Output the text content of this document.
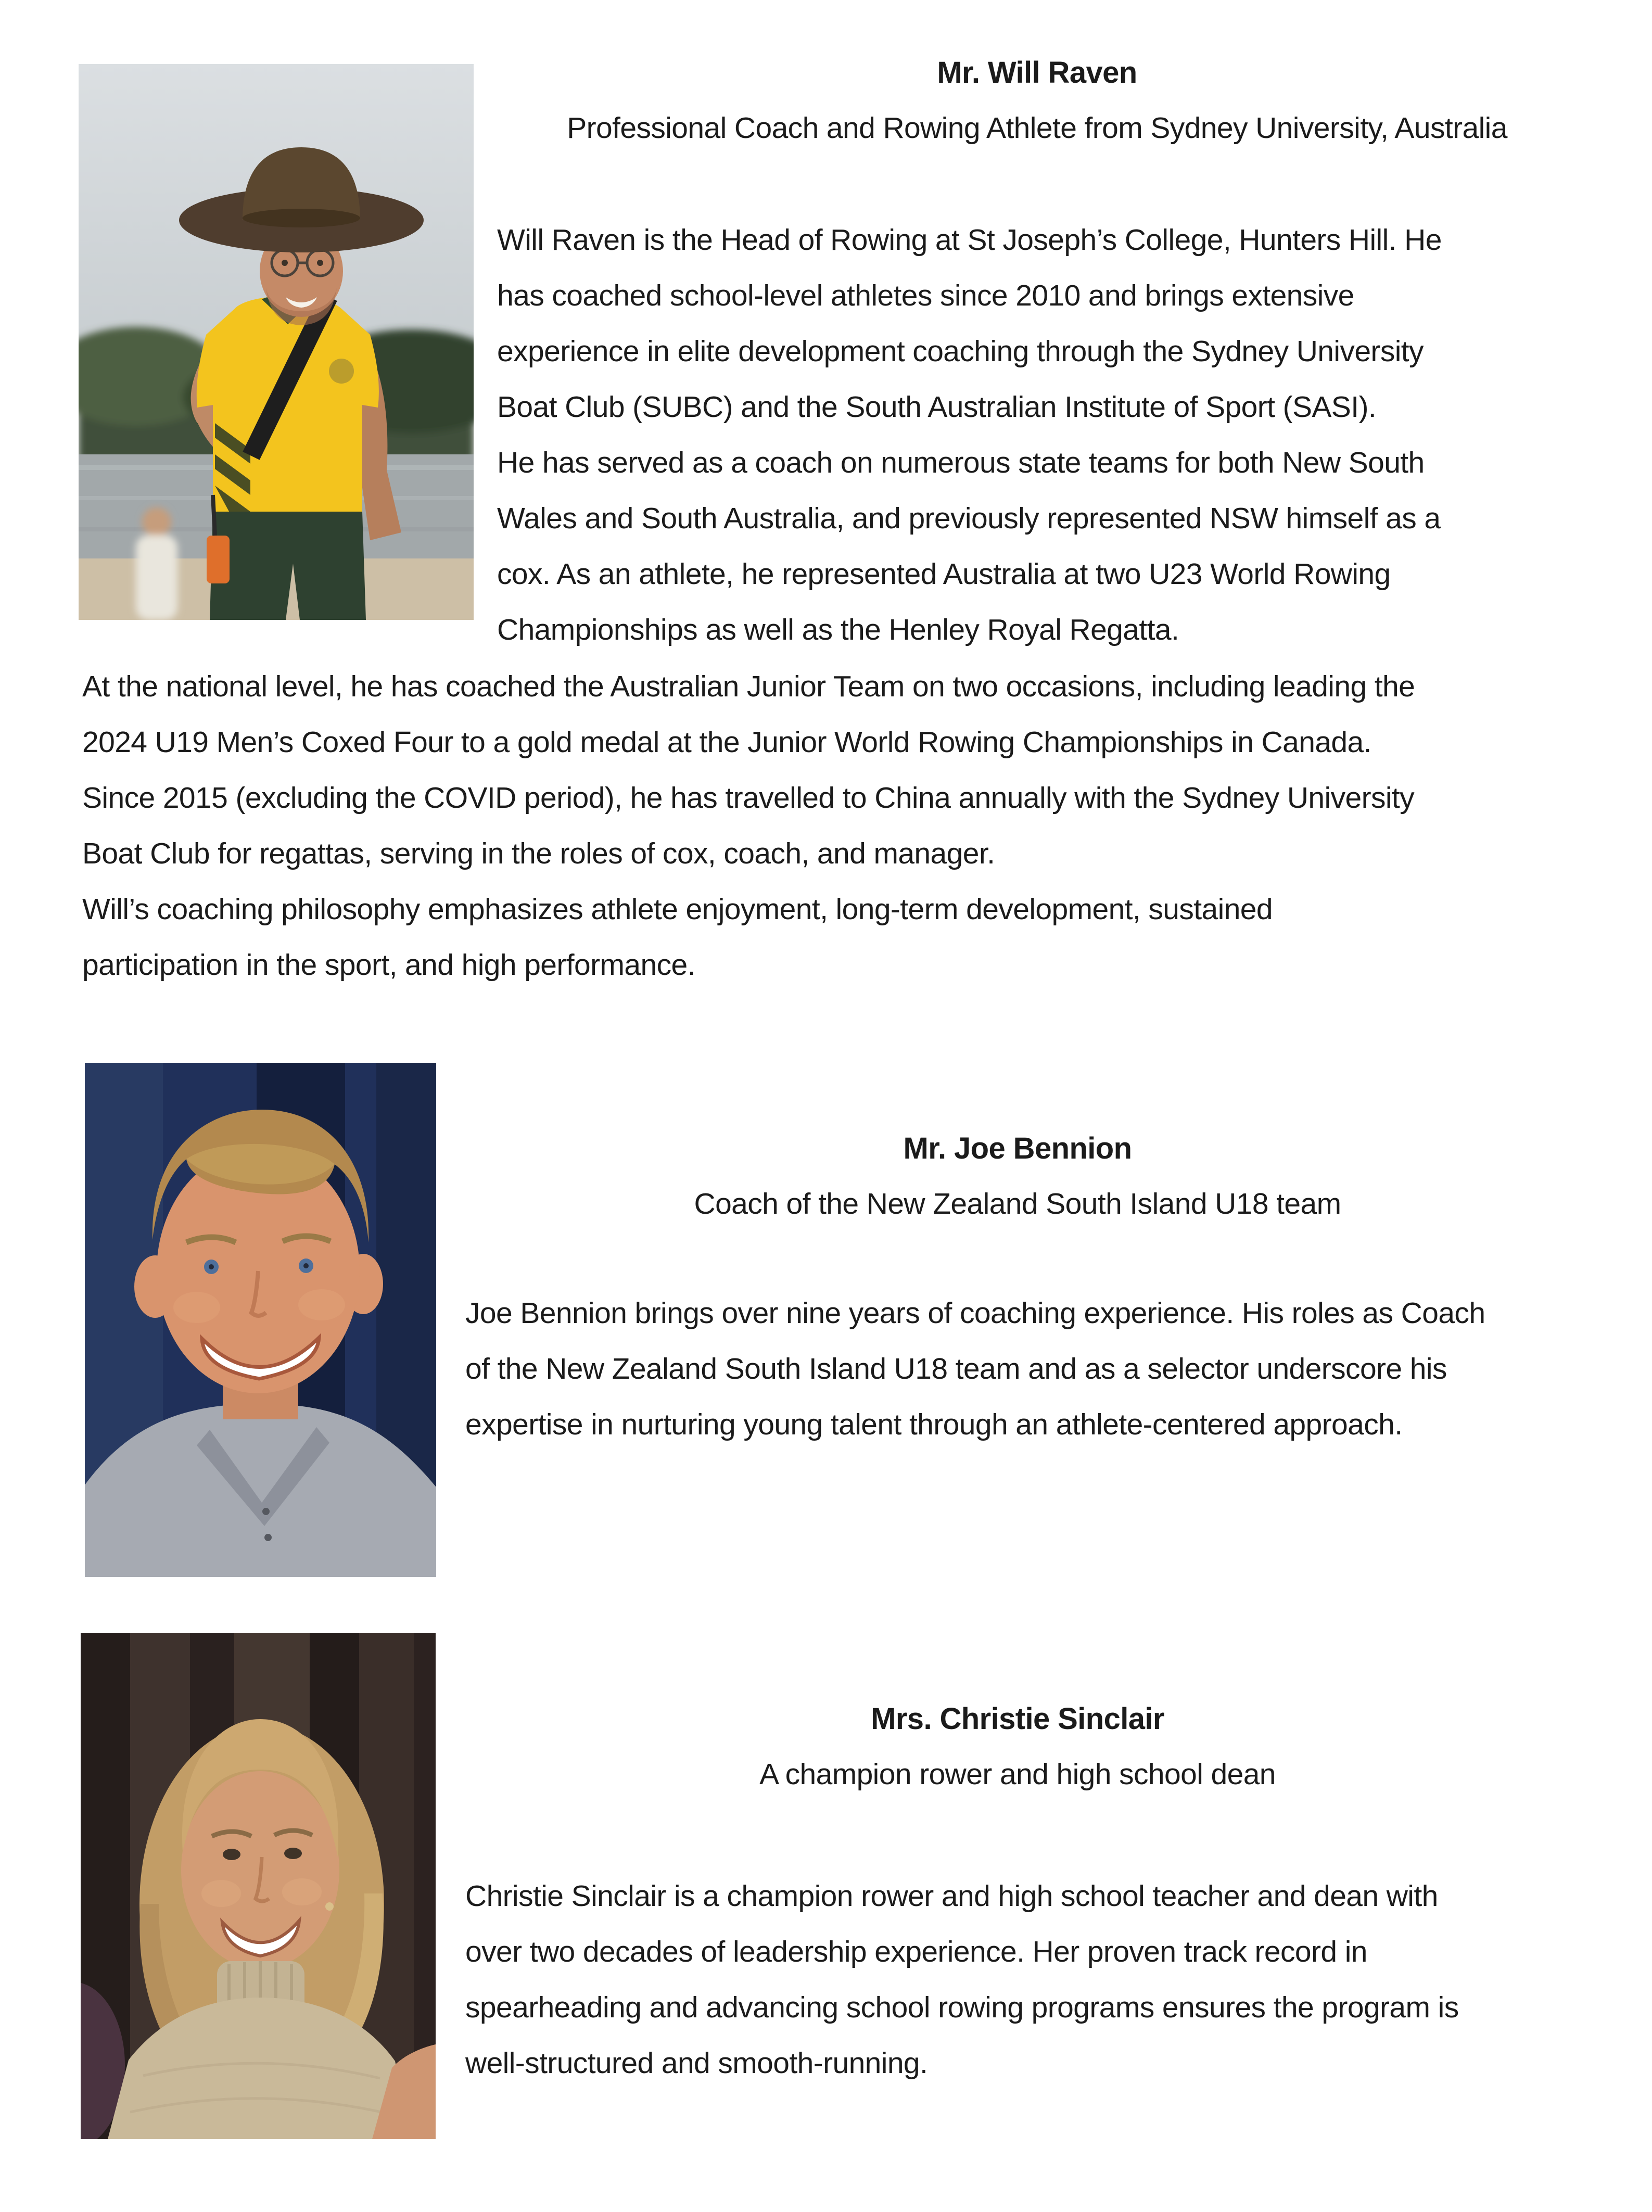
Mr. Will Raven
Professional Coach and Rowing Athlete from Sydney University, Australia
Will Raven is the Head of Rowing at St Joseph’s College, Hunters Hill. He
has coached school-level athletes since 2010 and brings extensive
experience in elite development coaching through the Sydney University
Boat Club (SUBC) and the South Australian Institute of Sport (SASI).
He has served as a coach on numerous state teams for both New South
Wales and South Australia, and previously represented NSW himself as a
cox. As an athlete, he represented Australia at two U23 World Rowing
Championships as well as the Henley Royal Regatta.
At the national level, he has coached the Australian Junior Team on two occasions, including leading the
2024 U19 Men’s Coxed Four to a gold medal at the Junior World Rowing Championships in Canada.
Since 2015 (excluding the COVID period), he has travelled to China annually with the Sydney University
Boat Club for regattas, serving in the roles of cox, coach, and manager.
Will’s coaching philosophy emphasizes athlete enjoyment, long-term development, sustained
participation in the sport, and high performance.
Mr. Joe Bennion
Coach of the New Zealand South Island U18 team
Joe Bennion brings over nine years of coaching experience. His roles as Coach
of the New Zealand South Island U18 team and as a selector underscore his
expertise in nurturing young talent through an athlete-centered approach.
Mrs. Christie Sinclair
A champion rower and high school dean
Christie Sinclair is a champion rower and high school teacher and dean with
over two decades of leadership experience. Her proven track record in
spearheading and advancing school rowing programs ensures the program is
well-structured and smooth-running.
